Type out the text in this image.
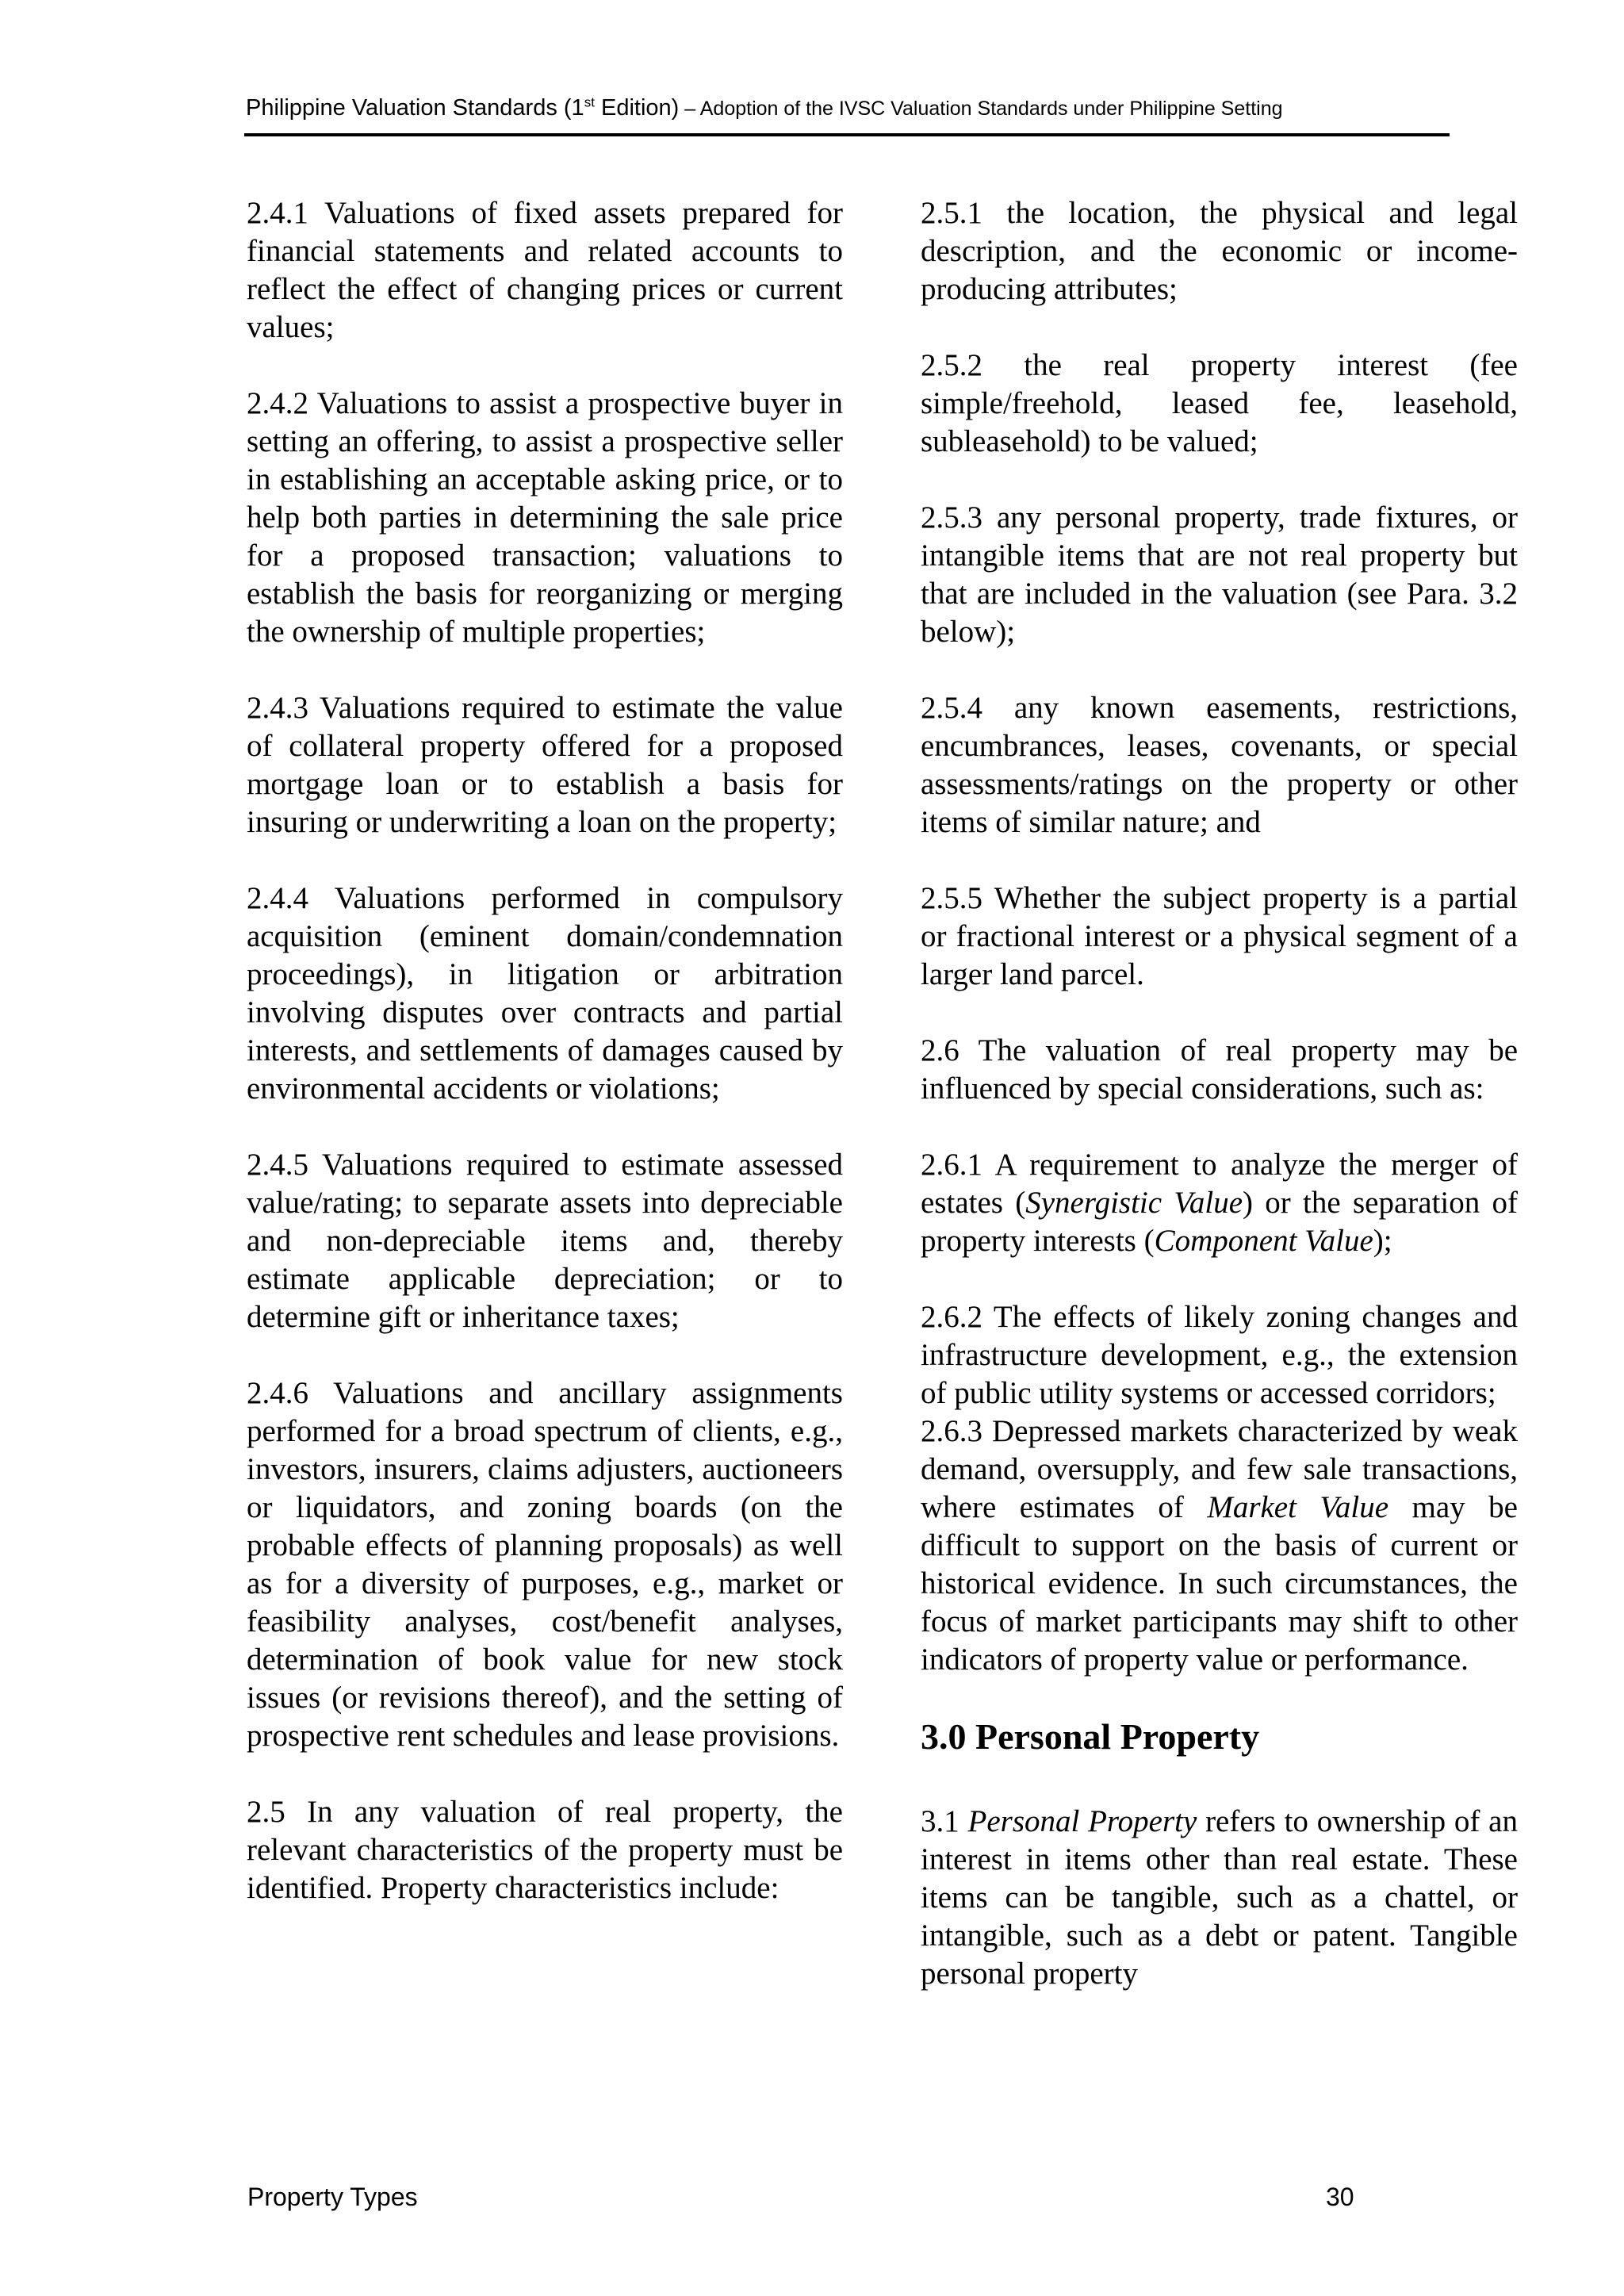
Philippine Valuation Standards (1st Edition) – Adoption of the IVSC Valuation Standards under Philippine Setting

2.4.1 Valuations of fixed assets prepared for financial statements and related accounts to reflect the effect of changing prices or current values;

2.4.2 Valuations to assist a prospective buyer in setting an offering, to assist a prospective seller in establishing an acceptable asking price, or to help both parties in determining the sale price for a proposed transaction; valuations to establish the basis for reorganizing or merging the ownership of multiple properties;

2.4.3 Valuations required to estimate the value of collateral property offered for a proposed mortgage loan or to establish a basis for insuring or underwriting a loan on the property;

2.4.4 Valuations performed in compulsory acquisition (eminent domain/condemnation proceedings), in litigation or arbitration involving disputes over contracts and partial interests, and settlements of damages caused by environmental accidents or violations;

2.4.5 Valuations required to estimate assessed value/rating; to separate assets into depreciable and non-depreciable items and, thereby estimate applicable depreciation; or to determine gift or inheritance taxes;

2.4.6 Valuations and ancillary assignments performed for a broad spectrum of clients, e.g., investors, insurers, claims adjusters, auctioneers or liquidators, and zoning boards (on the probable effects of planning proposals) as well as for a diversity of purposes, e.g., market or feasibility analyses, cost/benefit analyses, determination of book value for new stock issues (or revisions thereof), and the setting of prospective rent schedules and lease provisions.

2.5 In any valuation of real property, the relevant characteristics of the property must be identified. Property characteristics include:

2.5.1 the location, the physical and legal description, and the economic or income-producing attributes;

2.5.2 the real property interest (fee simple/freehold, leased fee, leasehold, subleasehold) to be valued;

2.5.3 any personal property, trade fixtures, or intangible items that are not real property but that are included in the valuation (see Para. 3.2 below);

2.5.4 any known easements, restrictions, encumbrances, leases, covenants, or special assessments/ratings on the property or other items of similar nature; and

2.5.5 Whether the subject property is a partial or fractional interest or a physical segment of a larger land parcel.

2.6 The valuation of real property may be influenced by special considerations, such as:

2.6.1 A requirement to analyze the merger of estates (Synergistic Value) or the separation of property interests (Component Value);

2.6.2 The effects of likely zoning changes and infrastructure development, e.g., the extension of public utility systems or accessed corridors;

2.6.3 Depressed markets characterized by weak demand, oversupply, and few sale transactions, where estimates of Market Value may be difficult to support on the basis of current or historical evidence. In such circumstances, the focus of market participants may shift to other indicators of property value or performance.

3.0 Personal Property

3.1 Personal Property refers to ownership of an interest in items other than real estate. These items can be tangible, such as a chattel, or intangible, such as a debt or patent. Tangible personal property

Property Types	30
